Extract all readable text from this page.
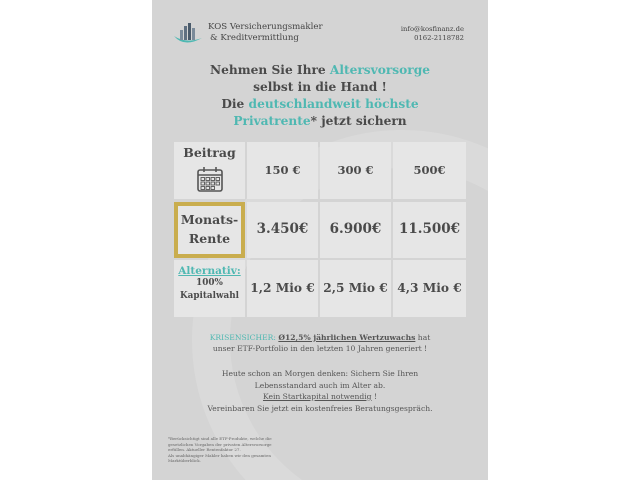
KOS Versicherungsmakler
& Kreditvermittlung
info@kosfinanz.de
0162-2118782
Nehmen Sie Ihre Altersvorsorge
selbst in die Hand !
Die deutschlandweit höchste
Privatrente* jetzt sichern
Beitrag
150 €	300 €	500€
Monats-
Rente
3.450€	6.900€	11.500€
Alternativ:
100%
Kapitalwahl
1,2 Mio € 2,5 Mio € 4,3 Mio €
KRISENSICHER: Ø12,5% jährlichen Wertzuwachs hat
unser ETF-Portfolio in den letzten 10 Jahren generiert !
Heute schon an Morgen denken: Sichern Sie Ihren
Lebensstandard auch im Alter ab.
Kein Startkapital notwendig !
Vereinbaren Sie jetzt ein kostenfreies Beratungsgespräch.
*Berücksichtigt sind alle ETF-Produkte, welche die
gesetzlichen Vorgaben der privaten Altersvorsorge
erfüllen. Aktueller Rentenfaktor 27.
Als unabhängiger Makler haben wir den gesamten
Marktüberblick.
